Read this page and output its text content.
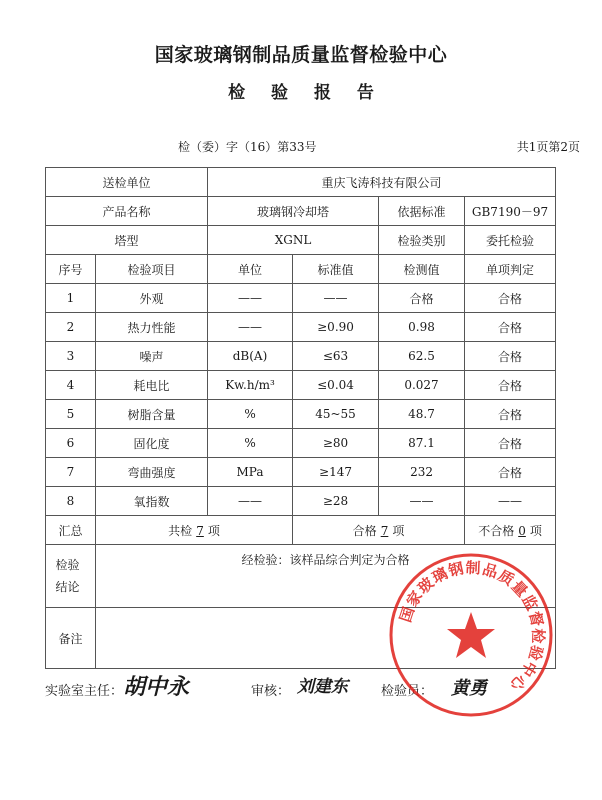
国家玻璃钢制品质量监督检验中心
检 验 报 告
检（委）字（16）第33号	共1页第2页
送检单位		重庆飞涛科技有限公司			
产品名称		玻璃钢冷却塔		依据标准	GB7190－97
塔型		XGNL		检验类别	委托检验
序号	检验项目	单位	标准值	检测值	单项判定
1	外观	——	——	合格	合格
2	热力性能	——	≥0.90	0.98	合格
3	噪声	dB(A)	≤63	62.5	合格
4	耗电比	Kw.h/m³	≤0.04	0.027	合格
5	树脂含量	%	45~55	48.7	合格
6	固化度	%	≥80	87.1	合格
7	弯曲强度	MPa	≥147	232	合格
8	氧指数	——	≥28	——	——
汇总	共检 7 项		合格 7 项		不合格 0 项
检验结论	经检验：该样品综合判定为合格				
备注					
实验室主任： 胡中永	审核： 刘建东	检验员： 黄勇
国家玻璃钢制品质量监督检验中心
